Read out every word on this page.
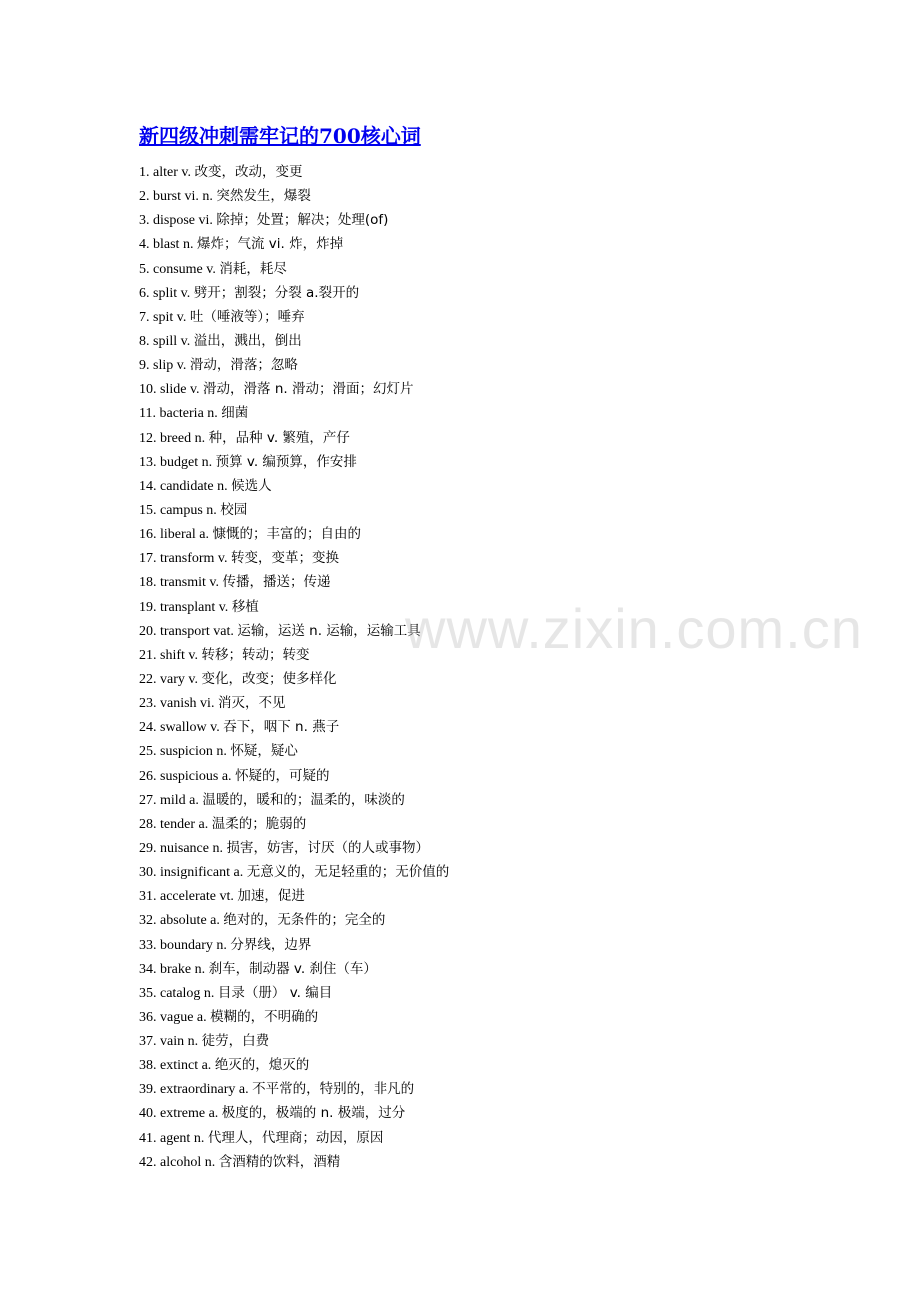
新四级冲刺需牢记的700核心词
1. alter v. 改变，改动，变更
2. burst vi. n. 突然发生，爆裂
3. dispose vi. 除掉；处置；解决；处理(of)
4. blast n. 爆炸；气流 vi. 炸，炸掉
5. consume v. 消耗，耗尽
6. split v. 劈开；割裂；分裂 a.裂开的
7. spit v. 吐（唾液等）；唾弃
8. spill v. 溢出，溅出，倒出
9. slip v. 滑动，滑落；忽略
10. slide v. 滑动，滑落 n. 滑动；滑面；幻灯片
11. bacteria n. 细菌
12. breed n. 种，品种 v. 繁殖，产仔
13. budget n. 预算 v. 编预算，作安排
14. candidate n. 候选人
15. campus n. 校园
16. liberal a. 慷慨的；丰富的；自由的
17. transform v. 转变，变革；变换
18. transmit v. 传播，播送；传递
19. transplant v. 移植
20. transport vat. 运输，运送 n. 运输，运输工具
21. shift v. 转移；转动；转变
22. vary v. 变化，改变；使多样化
23. vanish vi. 消灭，不见
24. swallow v. 吞下，咽下 n. 燕子
25. suspicion n. 怀疑，疑心
26. suspicious a. 怀疑的，可疑的
27. mild a. 温暖的，暖和的；温柔的，味淡的
28. tender a. 温柔的；脆弱的
29. nuisance n. 损害，妨害，讨厌（的人或事物）
30. insignificant a. 无意义的，无足轻重的；无价值的
31. accelerate vt. 加速，促进
32. absolute a. 绝对的，无条件的；完全的
33. boundary n. 分界线，边界
34. brake n. 刹车，制动器 v. 刹住（车）
35. catalog n. 目录（册） v. 编目
36. vague a. 模糊的，不明确的
37. vain n. 徒劳，白费
38. extinct a. 绝灭的，熄灭的
39. extraordinary a. 不平常的，特别的，非凡的
40. extreme a. 极度的，极端的 n. 极端，过分
41. agent n. 代理人，代理商；动因，原因
42. alcohol n. 含酒精的饮料，酒精
www.zixin.com.cn
